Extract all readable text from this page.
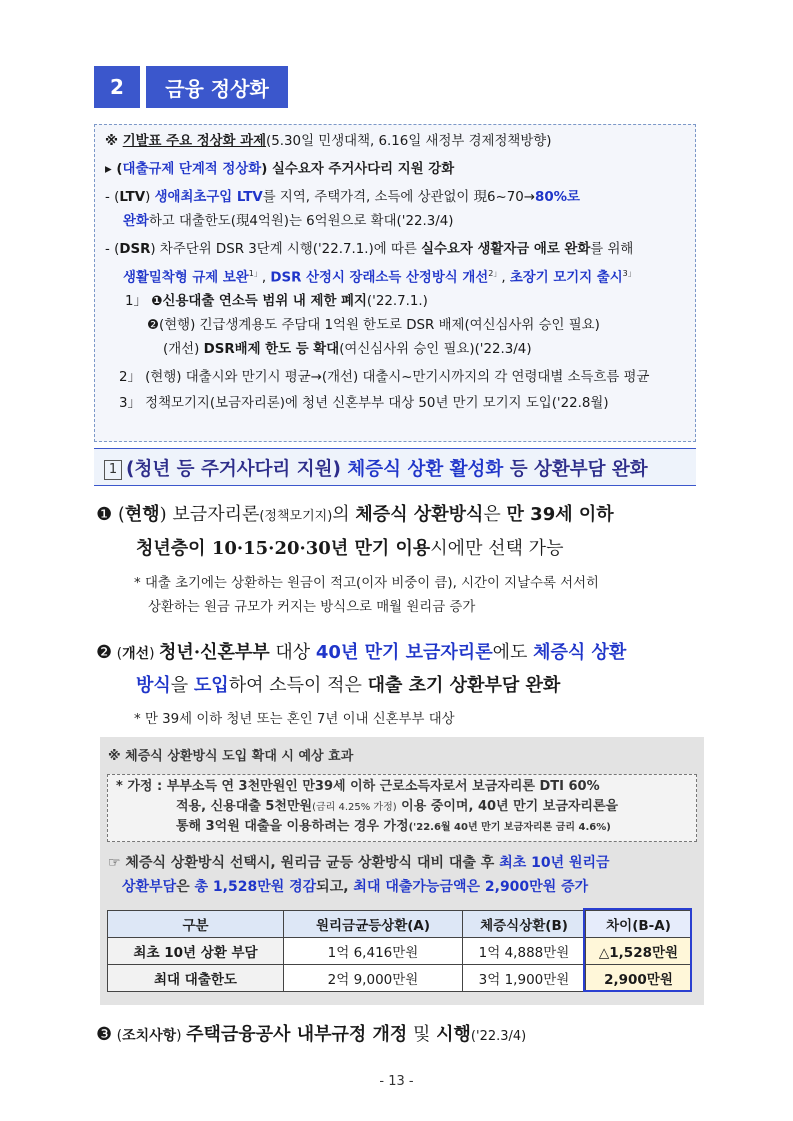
2	금융 정상화
※ 기발표 주요 정상화 과제(5.30일 민생대책, 6.16일 새정부 경제정책방향)
▸ (대출규제 단계적 정상화) 실수요자 주거사다리 지원 강화
- (LTV) 생애최초구입 LTV를 지역, 주택가격, 소득에 상관없이 現6~70→80%로
완화하고 대출한도(現4억원)는 6억원으로 확대('22.3/4)
- (DSR) 차주단위 DSR 3단계 시행('22.7.1.)에 따른 실수요자 생활자금 애로 완화를 위해
생활밀착형 규제 보완$^{1」}$, DSR 산정시 장래소득 산정방식 개선$^{2」}$, 초장기 모기지 출시$^{3」}$
1」 ❶신용대출 연소득 범위 내 제한 폐지('22.7.1.)
❷(현행) 긴급생계용도 주담대 1억원 한도로 DSR 배제(여신심사위 승인 필요)
(개선) DSR배제 한도 등 확대(여신심사위 승인 필요)('22.3/4)
2」 (현행) 대출시와 만기시 평균→(개선) 대출시~만기시까지의 각 연령대별 소득흐름 평균
3」 정책모기지(보금자리론)에 청년 신혼부부 대상 50년 만기 모기지 도입('22.8월)
1 (청년 등 주거사다리 지원) 체증식 상환 활성화 등 상환부담 완화
❶ (현행) 보금자리론(정책모기지)의 체증식 상환방식은 만 39세 이하
청년층이 10·15·20·30년 만기 이용시에만 선택 가능
* 대출 초기에는 상환하는 원금이 적고(이자 비중이 큼), 시간이 지날수록 서서히
상환하는 원금 규모가 커지는 방식으로 매월 원리금 증가
❷ (개선) 청년·신혼부부 대상 40년 만기 보금자리론에도 체증식 상환
방식을 도입하여 소득이 적은 대출 초기 상환부담 완화
* 만 39세 이하 청년 또는 혼인 7년 이내 신혼부부 대상
※ 체증식 상환방식 도입 확대 시 예상 효과
* 가정 : 부부소득 연 3천만원인 만39세 이하 근로소득자로서 보금자리론 DTI 60%
적용, 신용대출 5천만원(금리 4.25% 가정) 이용 중이며, 40년 만기 보금자리론을
통해 3억원 대출을 이용하려는 경우 가정('22.6월 40년 만기 보금자리론 금리 4.6%)
☞ 체증식 상환방식 선택시, 원리금 균등 상환방식 대비 대출 후 최초 10년 원리금
상환부담은 총 1,528만원 경감되고, 최대 대출가능금액은 2,900만원 증가
구분	원리금균등상환(A)	체증식상환(B)	차이(B-A)
최초 10년 상환 부담	1억 6,416만원	1억 4,888만원	△1,528만원
최대 대출한도	2억 9,000만원	3억 1,900만원	2,900만원
❸ (조치사항) 주택금융공사 내부규정 개정 및 시행('22.3/4)
- 13 -
